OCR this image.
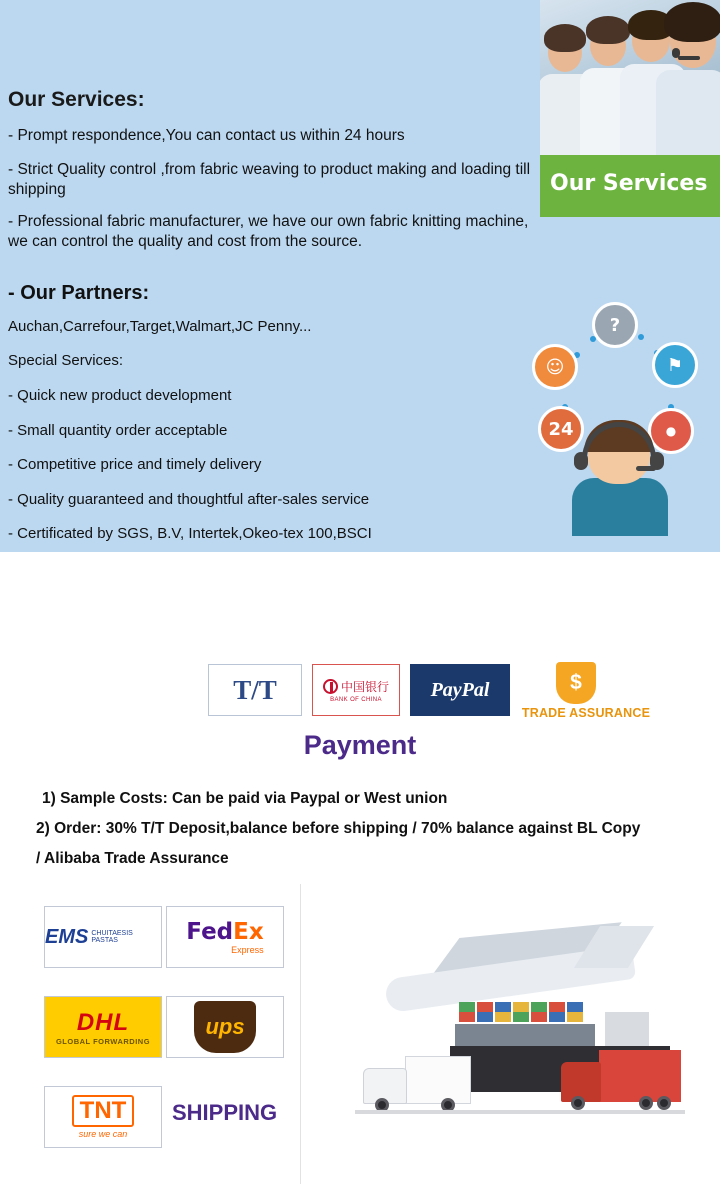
Our Services
Our Services:
- Prompt respondence,You can contact us within 24 hours
- Strict Quality control ,from fabric weaving to product making and loading till shipping
- Professional fabric manufacturer, we have our own fabric knitting machine, we can control the quality and cost from the source.
- Our Partners:
Auchan,Carrefour,Target,Walmart,JC Penny...
Special Services:
- Quick new product development
- Small quantity order acceptable
- Competitive price and timely delivery
- Quality guaranteed and thoughtful after-sales service
- Certificated by SGS, B.V, Intertek,Okeo-tex 100,BSCI
?
☺	⚑
24	●
T/T	中国银行
BANK OF CHINA PayPal	$
TRADE ASSURANCE
Payment
1) Sample Costs: Can be paid via Paypal or West union
2) Order: 30% T/T Deposit,balance before shipping / 70% balance against BL Copy
/ Alibaba Trade Assurance
EMS CHUITAESIS PASTAS	FedEx
Express
DHL
GLOBAL FORWARDING
ups
TNT
sure we can
SHIPPING
